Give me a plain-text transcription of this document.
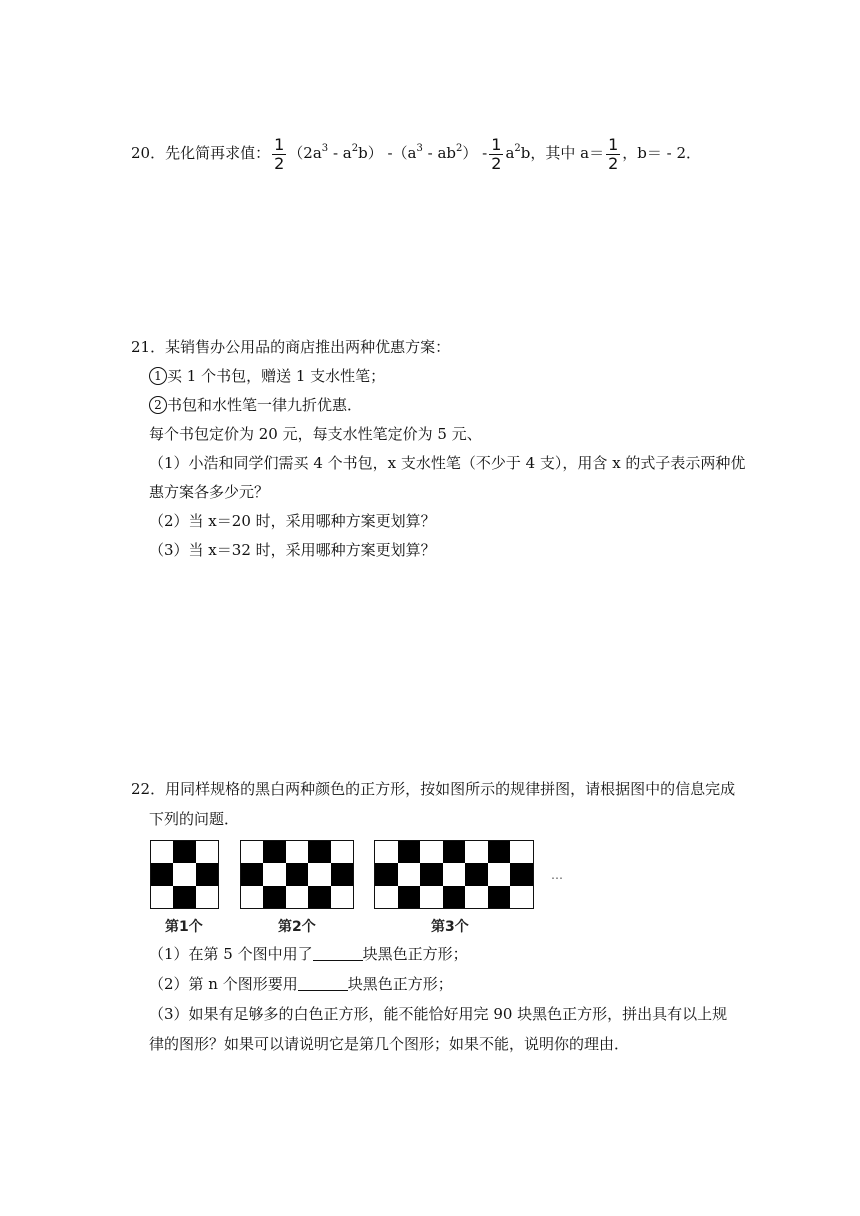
20．先化简再求值： $\frac{1}{2} (2a^3 - a^2b)$ $-(a^3 - ab^2) - \frac{1}{2} a^2b$，其中 $a= \frac{1}{2}$ ，b＝ - 2．
21．某销售办公用品的商店推出两种优惠方案：
1 买 1 个书包，赠送 1 支水性笔；
2 书包和水性笔一律九折优惠．
每个书包定价为 20 元，每支水性笔定价为 5 元、
（1）小浩和同学们需买 4 个书包，x 支水性笔（不少于 4 支），用含 x 的式子表示两种优
惠方案各多少元？
（2）当 x＝20 时，采用哪种方案更划算？
（3）当 x＝32 时，采用哪种方案更划算？
22．用同样规格的黑白两种颜色的正方形，按如图所示的规律拼图，请根据图中的信息完成
下列的问题．
…
第1个	第2个	第3个
（1）在第 5 个图中用了	块黑色正方形；
（2）第 n 个图形要用	块黑色正方形；
（3）如果有足够多的白色正方形，能不能恰好用完 90 块黑色正方形，拼出具有以上规
律的图形？如果可以请说明它是第几个图形；如果不能，说明你的理由．
